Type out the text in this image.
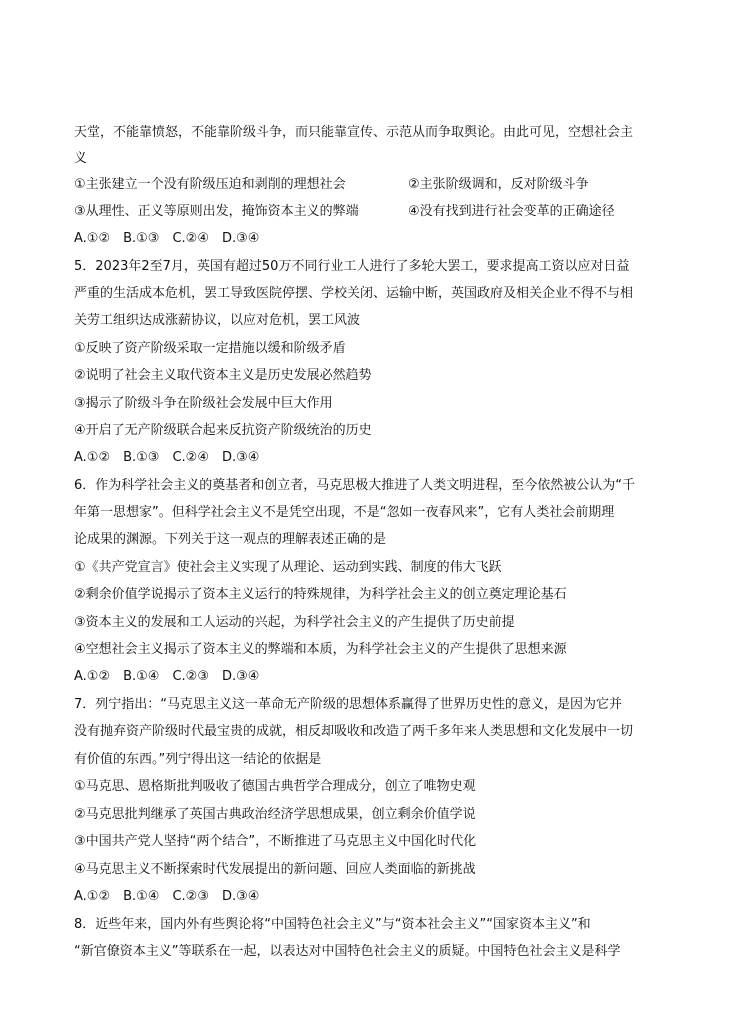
天堂，不能靠愤怒，不能靠阶级斗争，而只能靠宣传、示范从而争取舆论。由此可见，空想社会主
义
①主张建立一个没有阶级压迫和剥削的理想社会	②主张阶级调和，反对阶级斗争
③从理性、正义等原则出发，掩饰资本主义的弊端	④没有找到进行社会变革的正确途径
A.①②　B.①③　C.②④　D.③④
5．2023年2至7月，英国有超过50万不同行业工人进行了多轮大罢工，要求提高工资以应对日益
严重的生活成本危机，罢工导致医院停摆、学校关闭、运输中断，英国政府及相关企业不得不与相
关劳工组织达成涨薪协议，以应对危机，罢工风波
①反映了资产阶级采取一定措施以缓和阶级矛盾
②说明了社会主义取代资本主义是历史发展必然趋势
③揭示了阶级斗争在阶级社会发展中巨大作用
④开启了无产阶级联合起来反抗资产阶级统治的历史
A.①②　B.①③　C.②④　D.③④
6．作为科学社会主义的奠基者和创立者，马克思极大推进了人类文明进程，至今依然被公认为“千
年第一思想家”。但科学社会主义不是凭空出现，不是“忽如一夜春风来”，它有人类社会前期理
论成果的渊源。下列关于这一观点的理解表述正确的是
①《共产党宣言》使社会主义实现了从理论、运动到实践、制度的伟大飞跃
②剩余价值学说揭示了资本主义运行的特殊规律，为科学社会主义的创立奠定理论基石
③资本主义的发展和工人运动的兴起，为科学社会主义的产生提供了历史前提
④空想社会主义揭示了资本主义的弊端和本质，为科学社会主义的产生提供了思想来源
A.①②　B.①④　C.②③　D.③④
7．列宁指出：“马克思主义这一革命无产阶级的思想体系赢得了世界历史性的意义，是因为它并
没有抛弃资产阶级时代最宝贵的成就，相反却吸收和改造了两千多年来人类思想和文化发展中一切
有价值的东西。”列宁得出这一结论的依据是
①马克思、恩格斯批判吸收了德国古典哲学合理成分，创立了唯物史观
②马克思批判继承了英国古典政治经济学思想成果，创立剩余价值学说
③中国共产党人坚持“两个结合”，不断推进了马克思主义中国化时代化
④马克思主义不断探索时代发展提出的新问题、回应人类面临的新挑战
A.①②　B.①④　C.②③　D.③④
8．近些年来，国内外有些舆论将“中国特色社会主义”与“资本社会主义”“国家资本主义”和
“新官僚资本主义”等联系在一起，以表达对中国特色社会主义的质疑。中国特色社会主义是科学
